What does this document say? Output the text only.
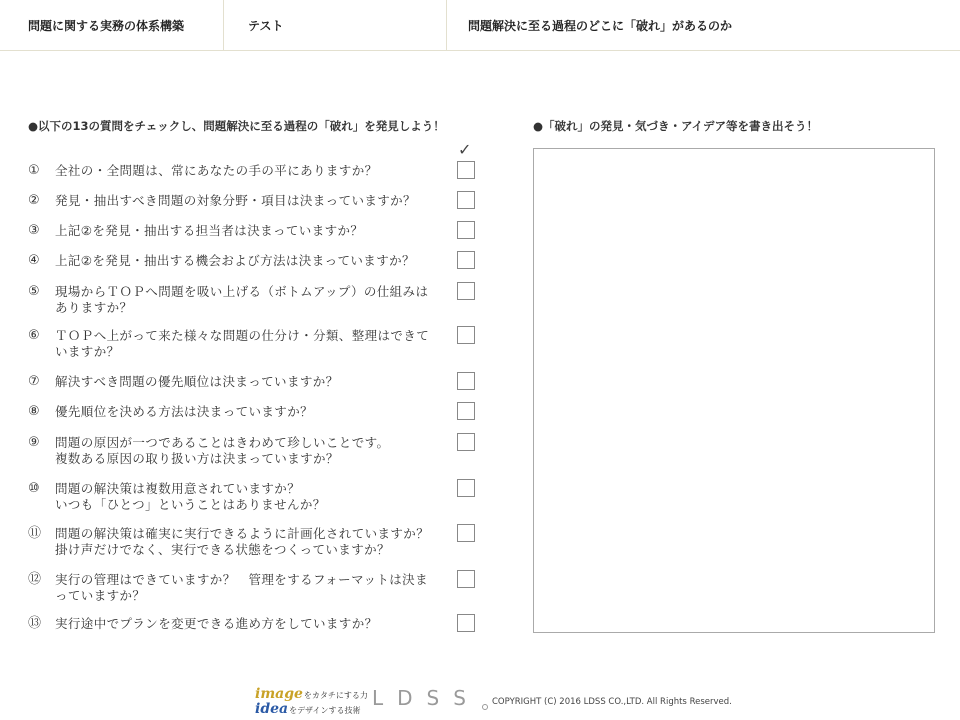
問題に関する実務の体系構築	テスト	問題解決に至る過程のどこに「破れ」があるのか
●以下の13の質問をチェックし、問題解決に至る過程の「破れ」を発見しよう！
✓
①	全社の・全問題は、常にあなたの手の平にありますか？
②	発見・抽出すべき問題の対象分野・項目は決まっていますか？
③	上記②を発見・抽出する担当者は決まっていますか？
④	上記②を発見・抽出する機会および方法は決まっていますか？
⑤	現場からＴＯＰへ問題を吸い上げる（ボトムアップ）の仕組みは
ありますか？
⑥	ＴＯＰへ上がって来た様々な問題の仕分け・分類、整理はできて
いますか？
⑦	解決すべき問題の優先順位は決まっていますか？
⑧	優先順位を決める方法は決まっていますか？
⑨	問題の原因が一つであることはきわめて珍しいことです。
複数ある原因の取り扱い方は決まっていますか？
⑩	問題の解決策は複数用意されていますか？
いつも「ひとつ」ということはありませんか？
⑪	問題の解決策は確実に実行できるように計画化されていますか？
掛け声だけでなく、実行できる状態をつくっていますか？
⑫	実行の管理はできていますか？　管理をするフォーマットは決ま
っていますか？
⑬	実行途中でプランを変更できる進め方をしていますか？
●「破れ」の発見・気づき・アイデア等を書き出そう！
imageをカタチにする力
ideaをデザインする技術
LDSS COPYRIGHT (C) 2016 LDSS CO.,LTD. All Rights Reserved.
